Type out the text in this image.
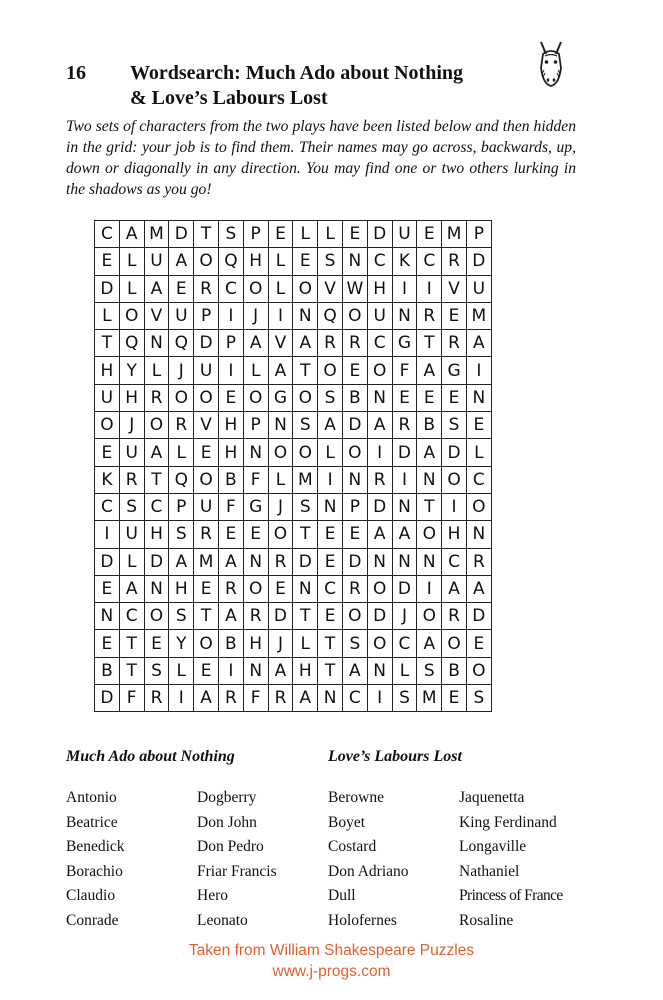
16	Wordsearch: Much Ado about Nothing
& Love’s Labours Lost
Two sets of characters from the two plays have been listed below and then hidden in the grid: your job is to find them. Their names may go across, backwards, up, down or diagonally in any direction. You may find one or two others lurking in the shadows as you go!
C	A	M	D	T	S	P	E	L	L	E	D	U	E	M	P
E	L	U	A	O	Q	H	L	E	S	N	C	K	C	R	D
D	L	A	E	R	C	O	L	O	V	W	H	I	I	V	U
L	O	V	U	P	I	J	I	N	Q	O	U	N	R	E	M
T	Q	N	Q	D	P	A	V	A	R	R	C	G	T	R	A
H	Y	L	J	U	I	L	A	T	O	E	O	F	A	G	I
U	H	R	O	O	E	O	G	O	S	B	N	E	E	E	N
O	J	O	R	V	H	P	N	S	A	D	A	R	B	S	E
E	U	A	L	E	H	N	O	O	L	O	I	D	A	D	L
K	R	T	Q	O	B	F	L	M	I	N	R	I	N	O	C
C	S	C	P	U	F	G	J	S	N	P	D	N	T	I	O
I	U	H	S	R	E	E	O	T	E	E	A	A	O	H	N
D	L	D	A	M	A	N	R	D	E	D	N	N	N	C	R
E	A	N	H	E	R	O	E	N	C	R	O	D	I	A	A
N	C	O	S	T	A	R	D	T	E	O	D	J	O	R	D
E	T	E	Y	O	B	H	J	L	T	S	O	C	A	O	E
B	T	S	L	E	I	N	A	H	T	A	N	L	S	B	O
D	F	R	I	A	R	F	R	A	N	C	I	S	M	E	S
Much Ado about Nothing	Love’s Labours Lost
Antonio
Beatrice
Benedick
Borachio
Claudio
Conrade
Dogberry
Don John
Don Pedro
Friar Francis
Hero
Leonato
Berowne
Boyet
Costard
Don Adriano
Dull
Holofernes
Jaquenetta
King Ferdinand
Longaville
Nathaniel
Princess of France
Rosaline
Taken from William Shakespeare Puzzles
www.j-progs.com
